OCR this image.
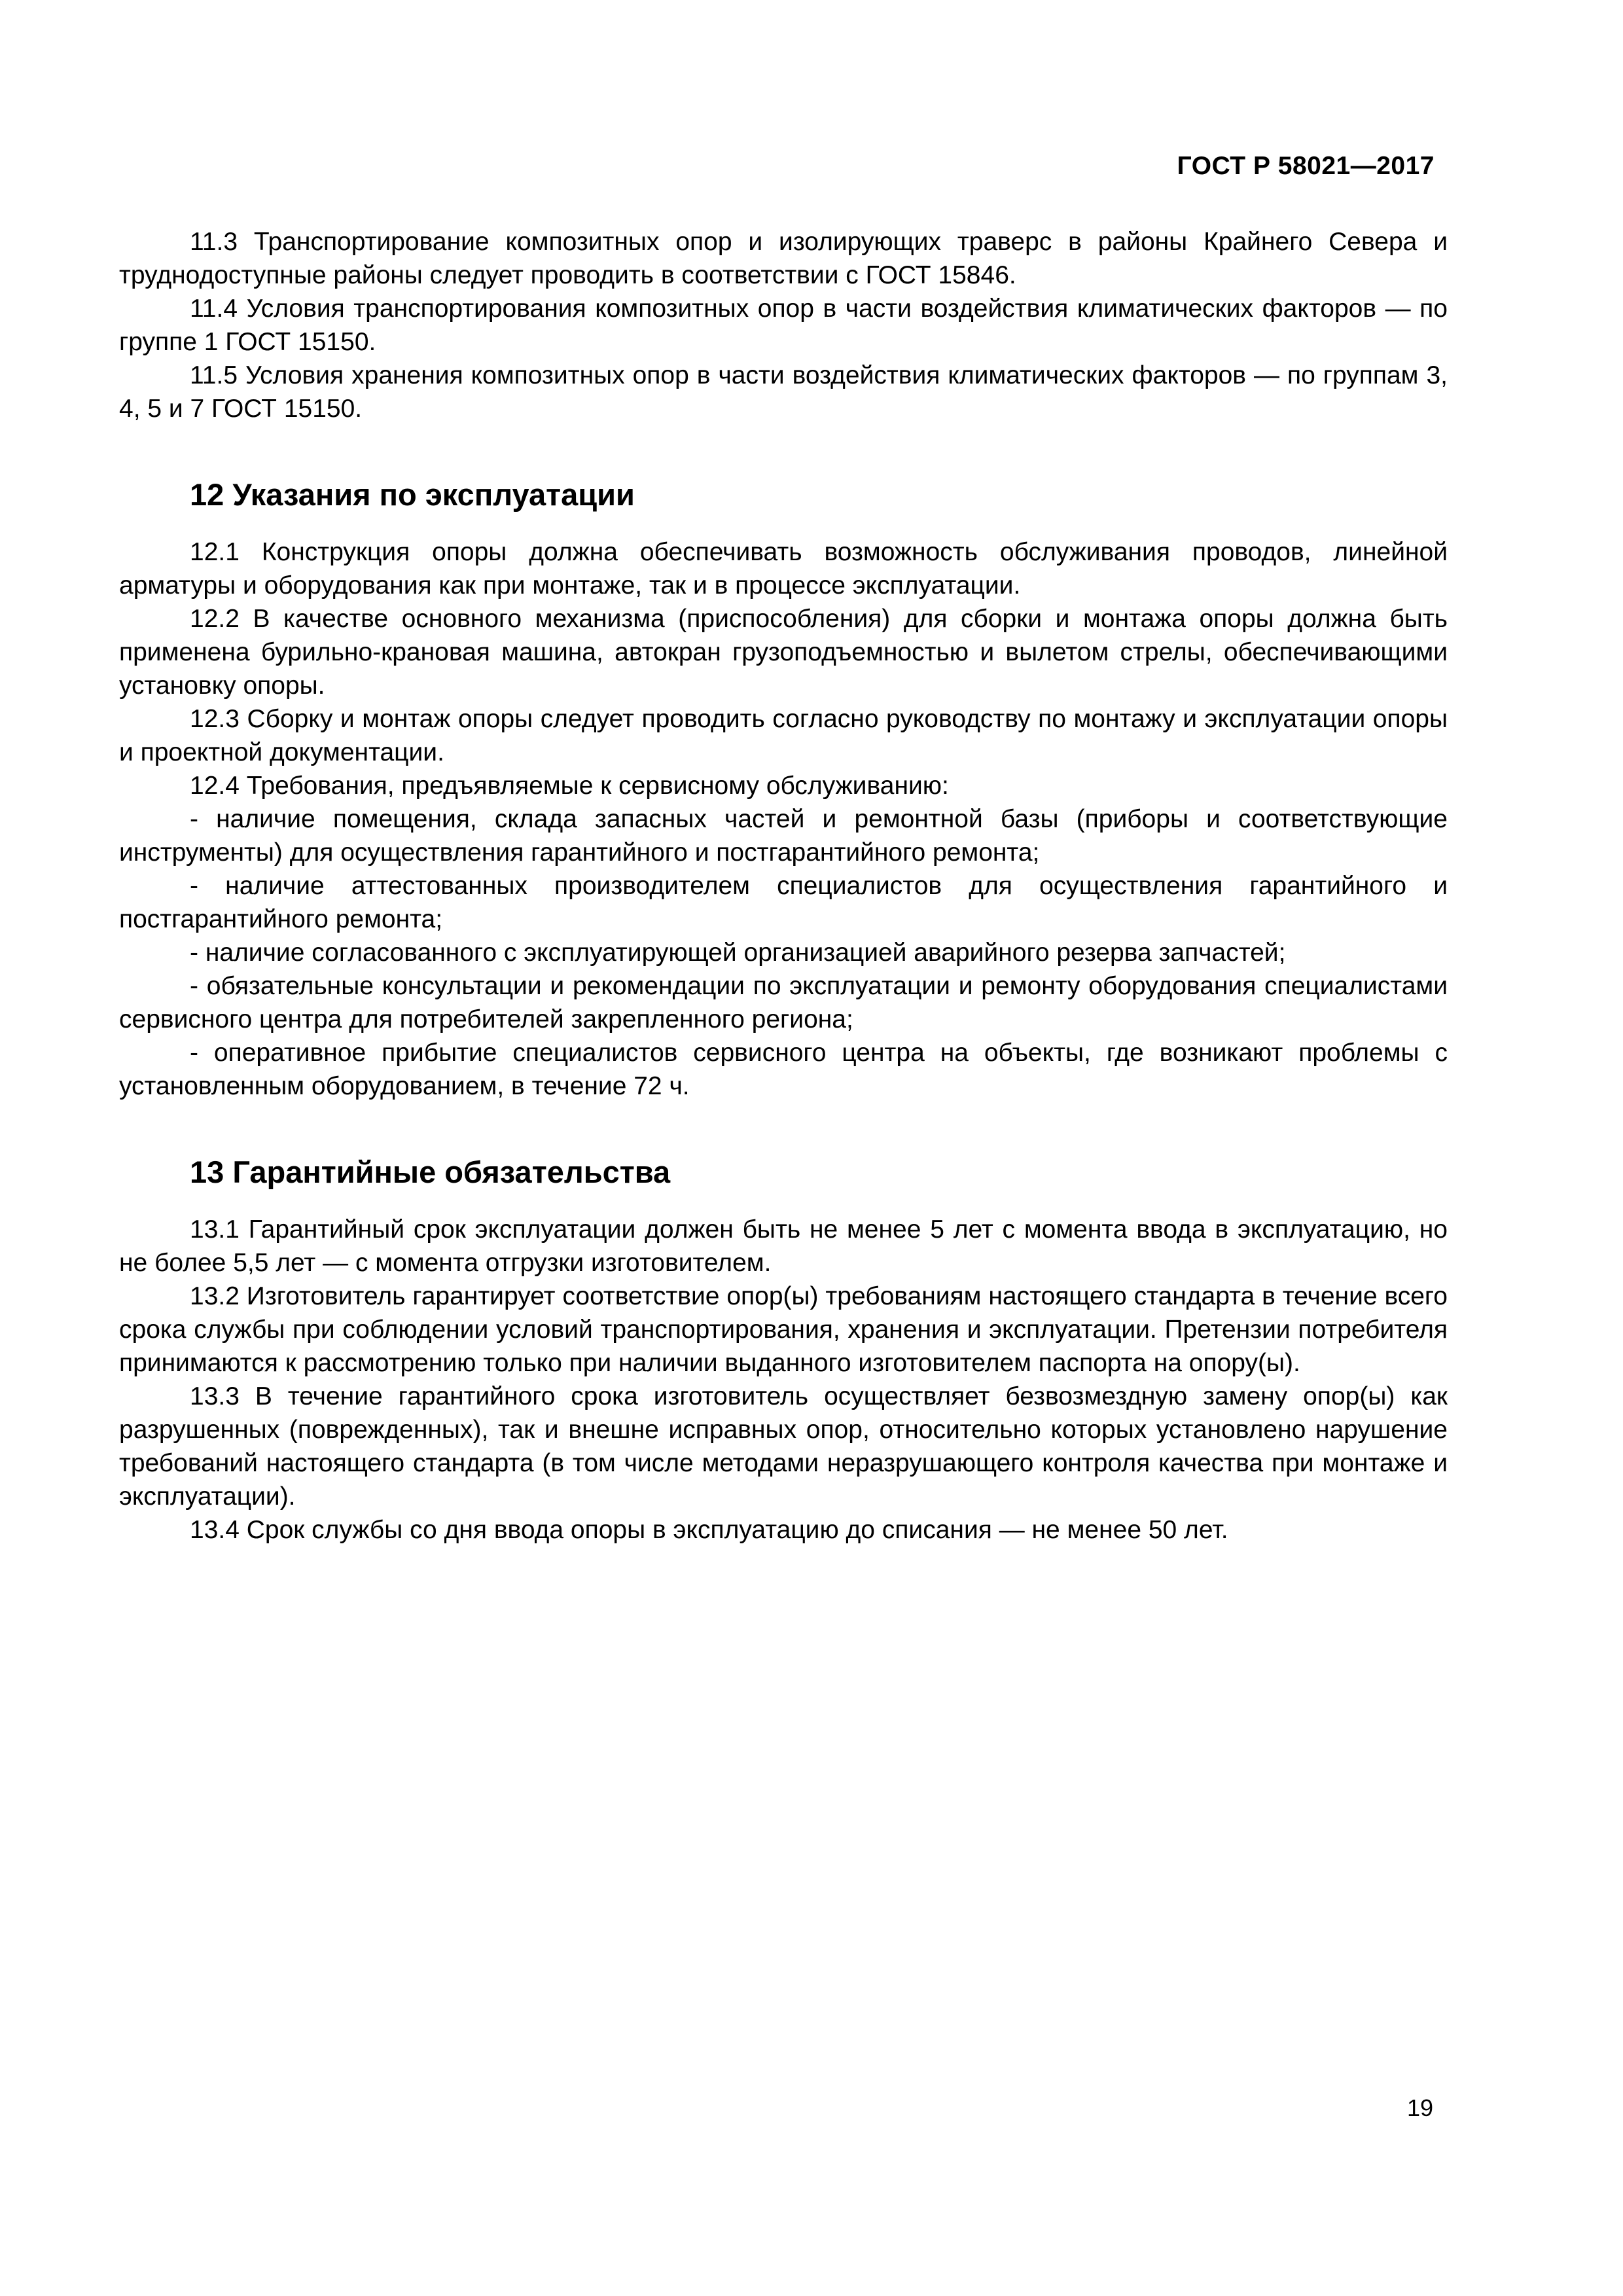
ГОСТ Р 58021—2017

11.3 Транспортирование композитных опор и изолирующих траверс в районы Крайнего Севера и труднодоступные районы следует проводить в соответствии с ГОСТ 15846.

11.4 Условия транспортирования композитных опор в части воздействия климатических факторов — по группе 1 ГОСТ 15150.

11.5 Условия хранения композитных опор в части воздействия климатических факторов — по группам 3, 4, 5 и 7 ГОСТ 15150.

12 Указания по эксплуатации

12.1 Конструкция опоры должна обеспечивать возможность обслуживания проводов, линейной арматуры и оборудования как при монтаже, так и в процессе эксплуатации.

12.2 В качестве основного механизма (приспособления) для сборки и монтажа опоры должна быть применена бурильно-крановая машина, автокран грузоподъемностью и вылетом стрелы, обеспечивающими установку опоры.

12.3 Сборку и монтаж опоры следует проводить согласно руководству по монтажу и эксплуатации опоры и проектной документации.

12.4 Требования, предъявляемые к сервисному обслуживанию:

- наличие помещения, склада запасных частей и ремонтной базы (приборы и соответствующие инструменты) для осуществления гарантийного и постгарантийного ремонта;

- наличие аттестованных производителем специалистов для осуществления гарантийного и постгарантийного ремонта;

- наличие согласованного с эксплуатирующей организацией аварийного резерва запчастей;

- обязательные консультации и рекомендации по эксплуатации и ремонту оборудования специалистами сервисного центра для потребителей закрепленного региона;

- оперативное прибытие специалистов сервисного центра на объекты, где возникают проблемы с установленным оборудованием, в течение 72 ч.

13 Гарантийные обязательства

13.1 Гарантийный срок эксплуатации должен быть не менее 5 лет с момента ввода в эксплуатацию, но не более 5,5 лет — с момента отгрузки изготовителем.

13.2 Изготовитель гарантирует соответствие опор(ы) требованиям настоящего стандарта в течение всего срока службы при соблюдении условий транспортирования, хранения и эксплуатации. Претензии потребителя принимаются к рассмотрению только при наличии выданного изготовителем паспорта на опору(ы).

13.3 В течение гарантийного срока изготовитель осуществляет безвозмездную замену опор(ы) как разрушенных (поврежденных), так и внешне исправных опор, относительно которых установлено нарушение требований настоящего стандарта (в том числе методами неразрушающего контроля качества при монтаже и эксплуатации).

13.4 Срок службы со дня ввода опоры в эксплуатацию до списания — не менее 50 лет.

19
